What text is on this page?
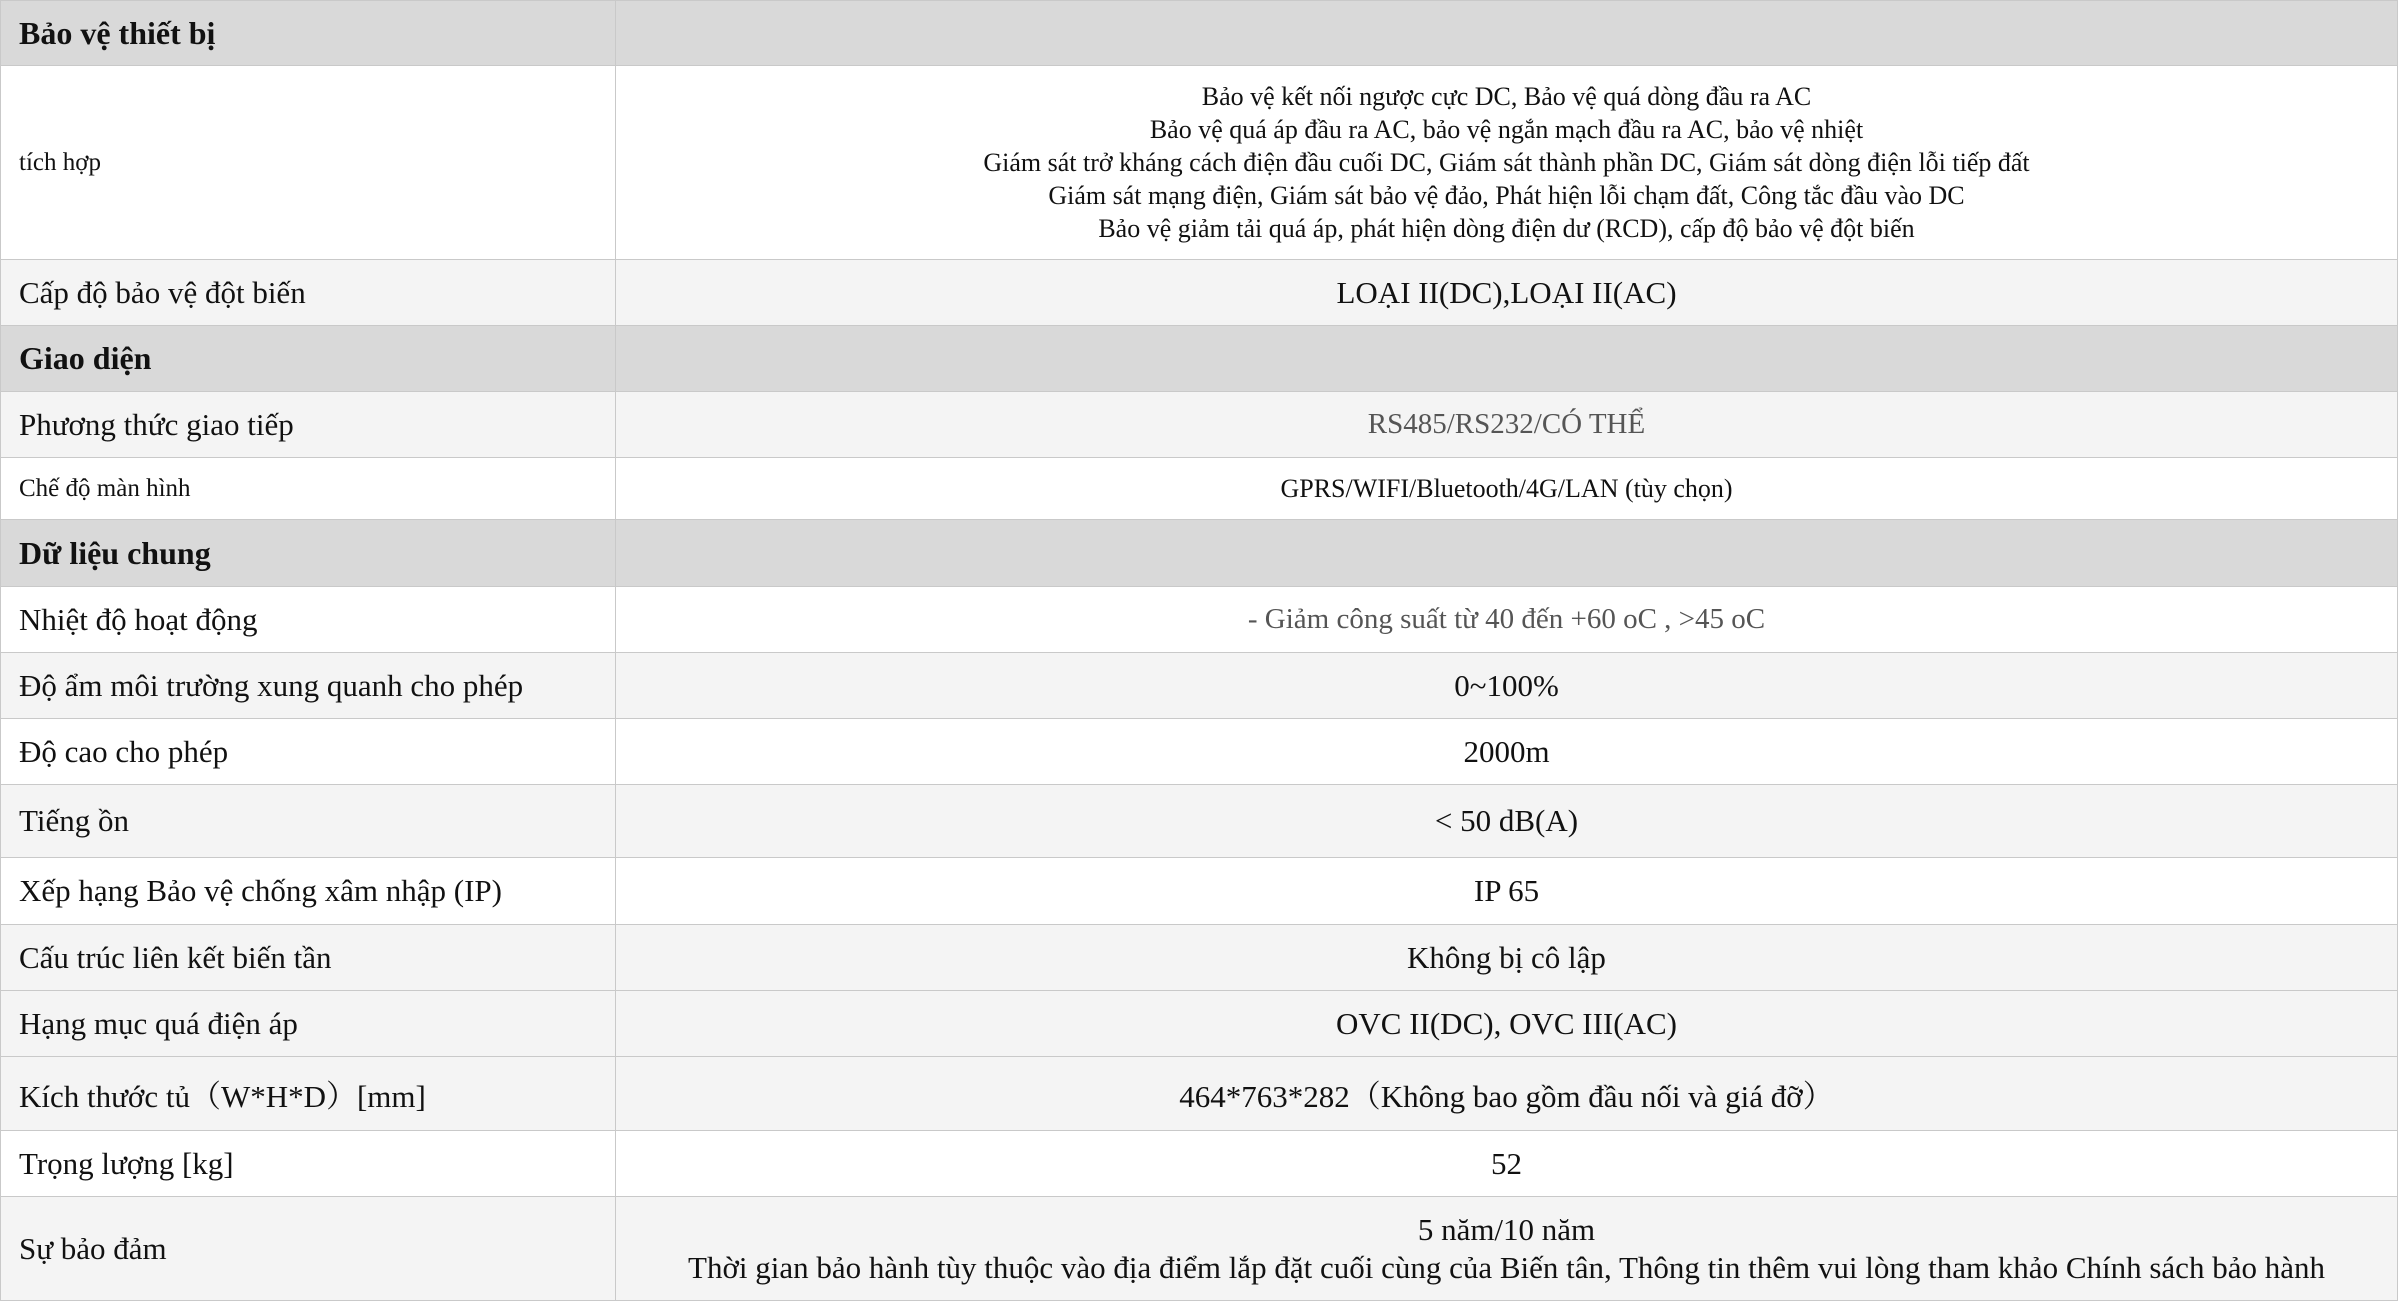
Bảo vệ thiết bị	
tích hợp	Bảo vệ kết nối ngược cực DC, Bảo vệ quá dòng đầu ra AC
Bảo vệ quá áp đầu ra AC, bảo vệ ngắn mạch đầu ra AC, bảo vệ nhiệt
Giám sát trở kháng cách điện đầu cuối DC, Giám sát thành phần DC, Giám sát dòng điện lỗi tiếp đất
Giám sát mạng điện, Giám sát bảo vệ đảo, Phát hiện lỗi chạm đất, Công tắc đầu vào DC
Bảo vệ giảm tải quá áp, phát hiện dòng điện dư (RCD), cấp độ bảo vệ đột biến

Cấp độ bảo vệ đột biến	LOẠI II(DC),LOẠI II(AC)
Giao diện	
Phương thức giao tiếp	RS485/RS232/CÓ THỂ
Chế độ màn hình	GPRS/WIFI/Bluetooth/4G/LAN (tùy chọn)
Dữ liệu chung	
Nhiệt độ hoạt động	- Giảm công suất từ 40 đến +60 oC , >45 oC
Độ ẩm môi trường xung quanh cho phép	0~100%
Độ cao cho phép	2000m
Tiếng ồn	< 50 dB(A)
Xếp hạng Bảo vệ chống xâm nhập (IP)	IP 65
Cấu trúc liên kết biến tần	Không bị cô lập
Hạng mục quá điện áp	OVC II(DC), OVC III(AC)
Kích thước tủ（W*H*D）[mm]	464*763*282（Không bao gồm đầu nối và giá đỡ）
Trọng lượng [kg]	52
Sự bảo đảm	5 năm/10 năm
Thời gian bảo hành tùy thuộc vào địa điểm lắp đặt cuối cùng của Biến tân, Thông tin thêm vui lòng tham khảo Chính sách bảo hành
